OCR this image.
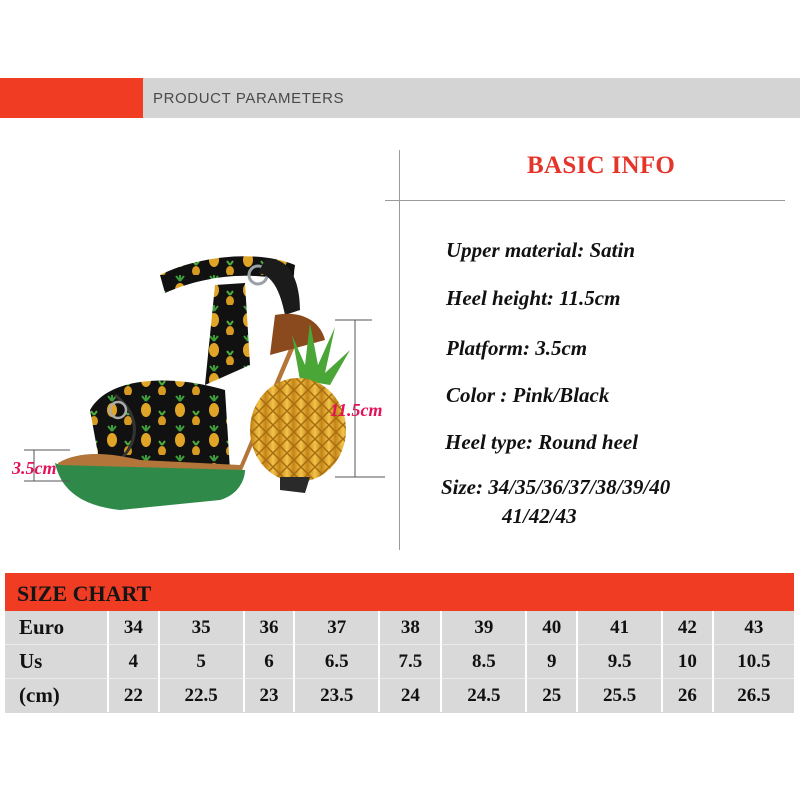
PRODUCT PARAMETERS
3.5cm
11.5cm
BASIC INFO
Upper material: Satin
Heel height: 11.5cm
Platform: 3.5cm
Color : Pink/Black
Heel type: Round heel
Size: 34/35/36/37/38/39/40
41/42/43
SIZE CHART
Euro	34	35	36	37	38	39	40	41	42	43
Us	4	5	6	6.5	7.5	8.5	9	9.5	10	10.5
(cm)	22	22.5	23	23.5	24	24.5	25	25.5	26	26.5
